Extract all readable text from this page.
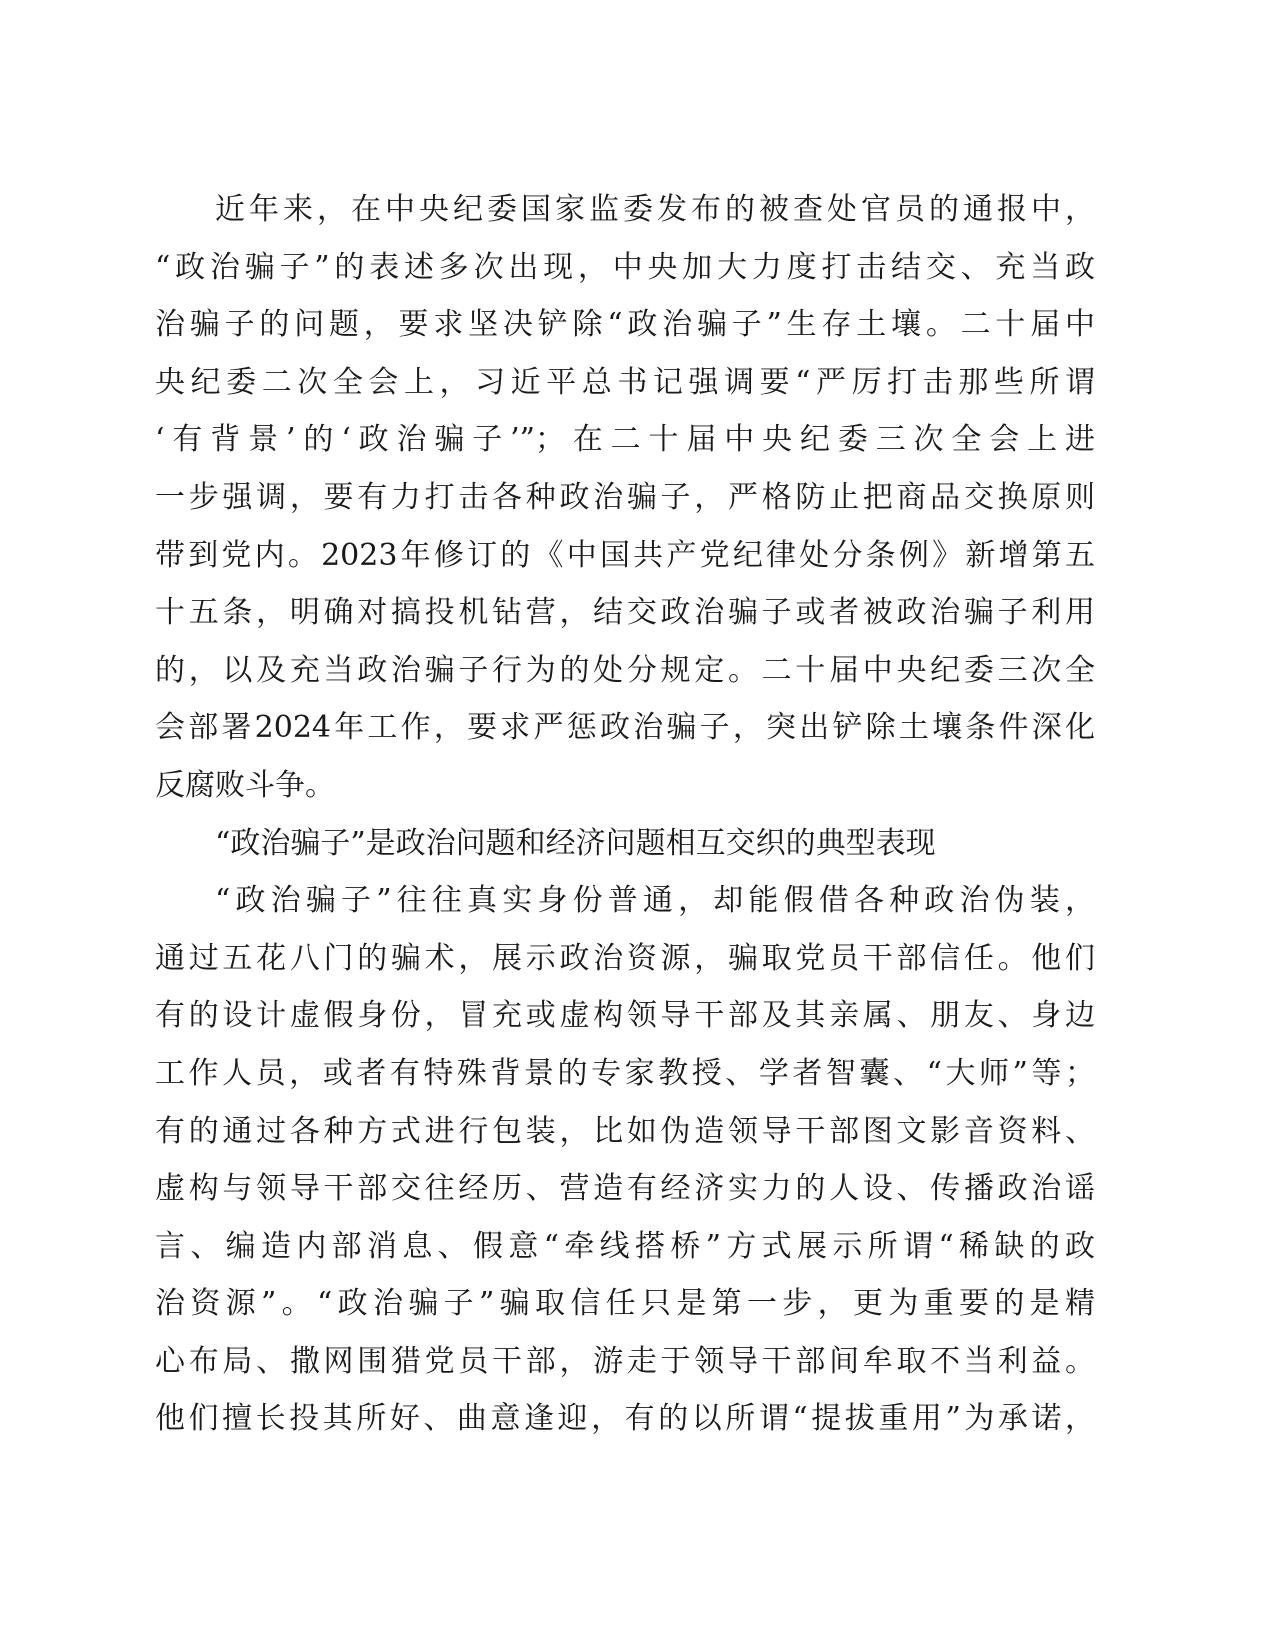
近年来，在中央纪委国家监委发布的被查处官员的通报中，
“政治骗子”的表述多次出现，中央加大力度打击结交、充当政
治骗子的问题，要求坚决铲除“政治骗子”生存土壤。二十届中
央纪委二次全会上，习近平总书记强调要“严厉打击那些所谓
‘有背景’的‘政治骗子’”；在二十届中央纪委三次全会上进
一步强调，要有力打击各种政治骗子，严格防止把商品交换原则
带到党内。2023年修订的《中国共产党纪律处分条例》新增第五
十五条，明确对搞投机钻营，结交政治骗子或者被政治骗子利用
的，以及充当政治骗子行为的处分规定。二十届中央纪委三次全
会部署2024年工作，要求严惩政治骗子，突出铲除土壤条件深化
反腐败斗争。
“政治骗子”是政治问题和经济问题相互交织的典型表现
“政治骗子”往往真实身份普通，却能假借各种政治伪装，
通过五花八门的骗术，展示政治资源，骗取党员干部信任。他们
有的设计虚假身份，冒充或虚构领导干部及其亲属、朋友、身边
工作人员，或者有特殊背景的专家教授、学者智囊、“大师”等；
有的通过各种方式进行包装，比如伪造领导干部图文影音资料、
虚构与领导干部交往经历、营造有经济实力的人设、传播政治谣
言、编造内部消息、假意“牵线搭桥”方式展示所谓“稀缺的政
治资源”。“政治骗子”骗取信任只是第一步，更为重要的是精
心布局、撒网围猎党员干部，游走于领导干部间牟取不当利益。
他们擅长投其所好、曲意逢迎，有的以所谓“提拔重用”为承诺，
